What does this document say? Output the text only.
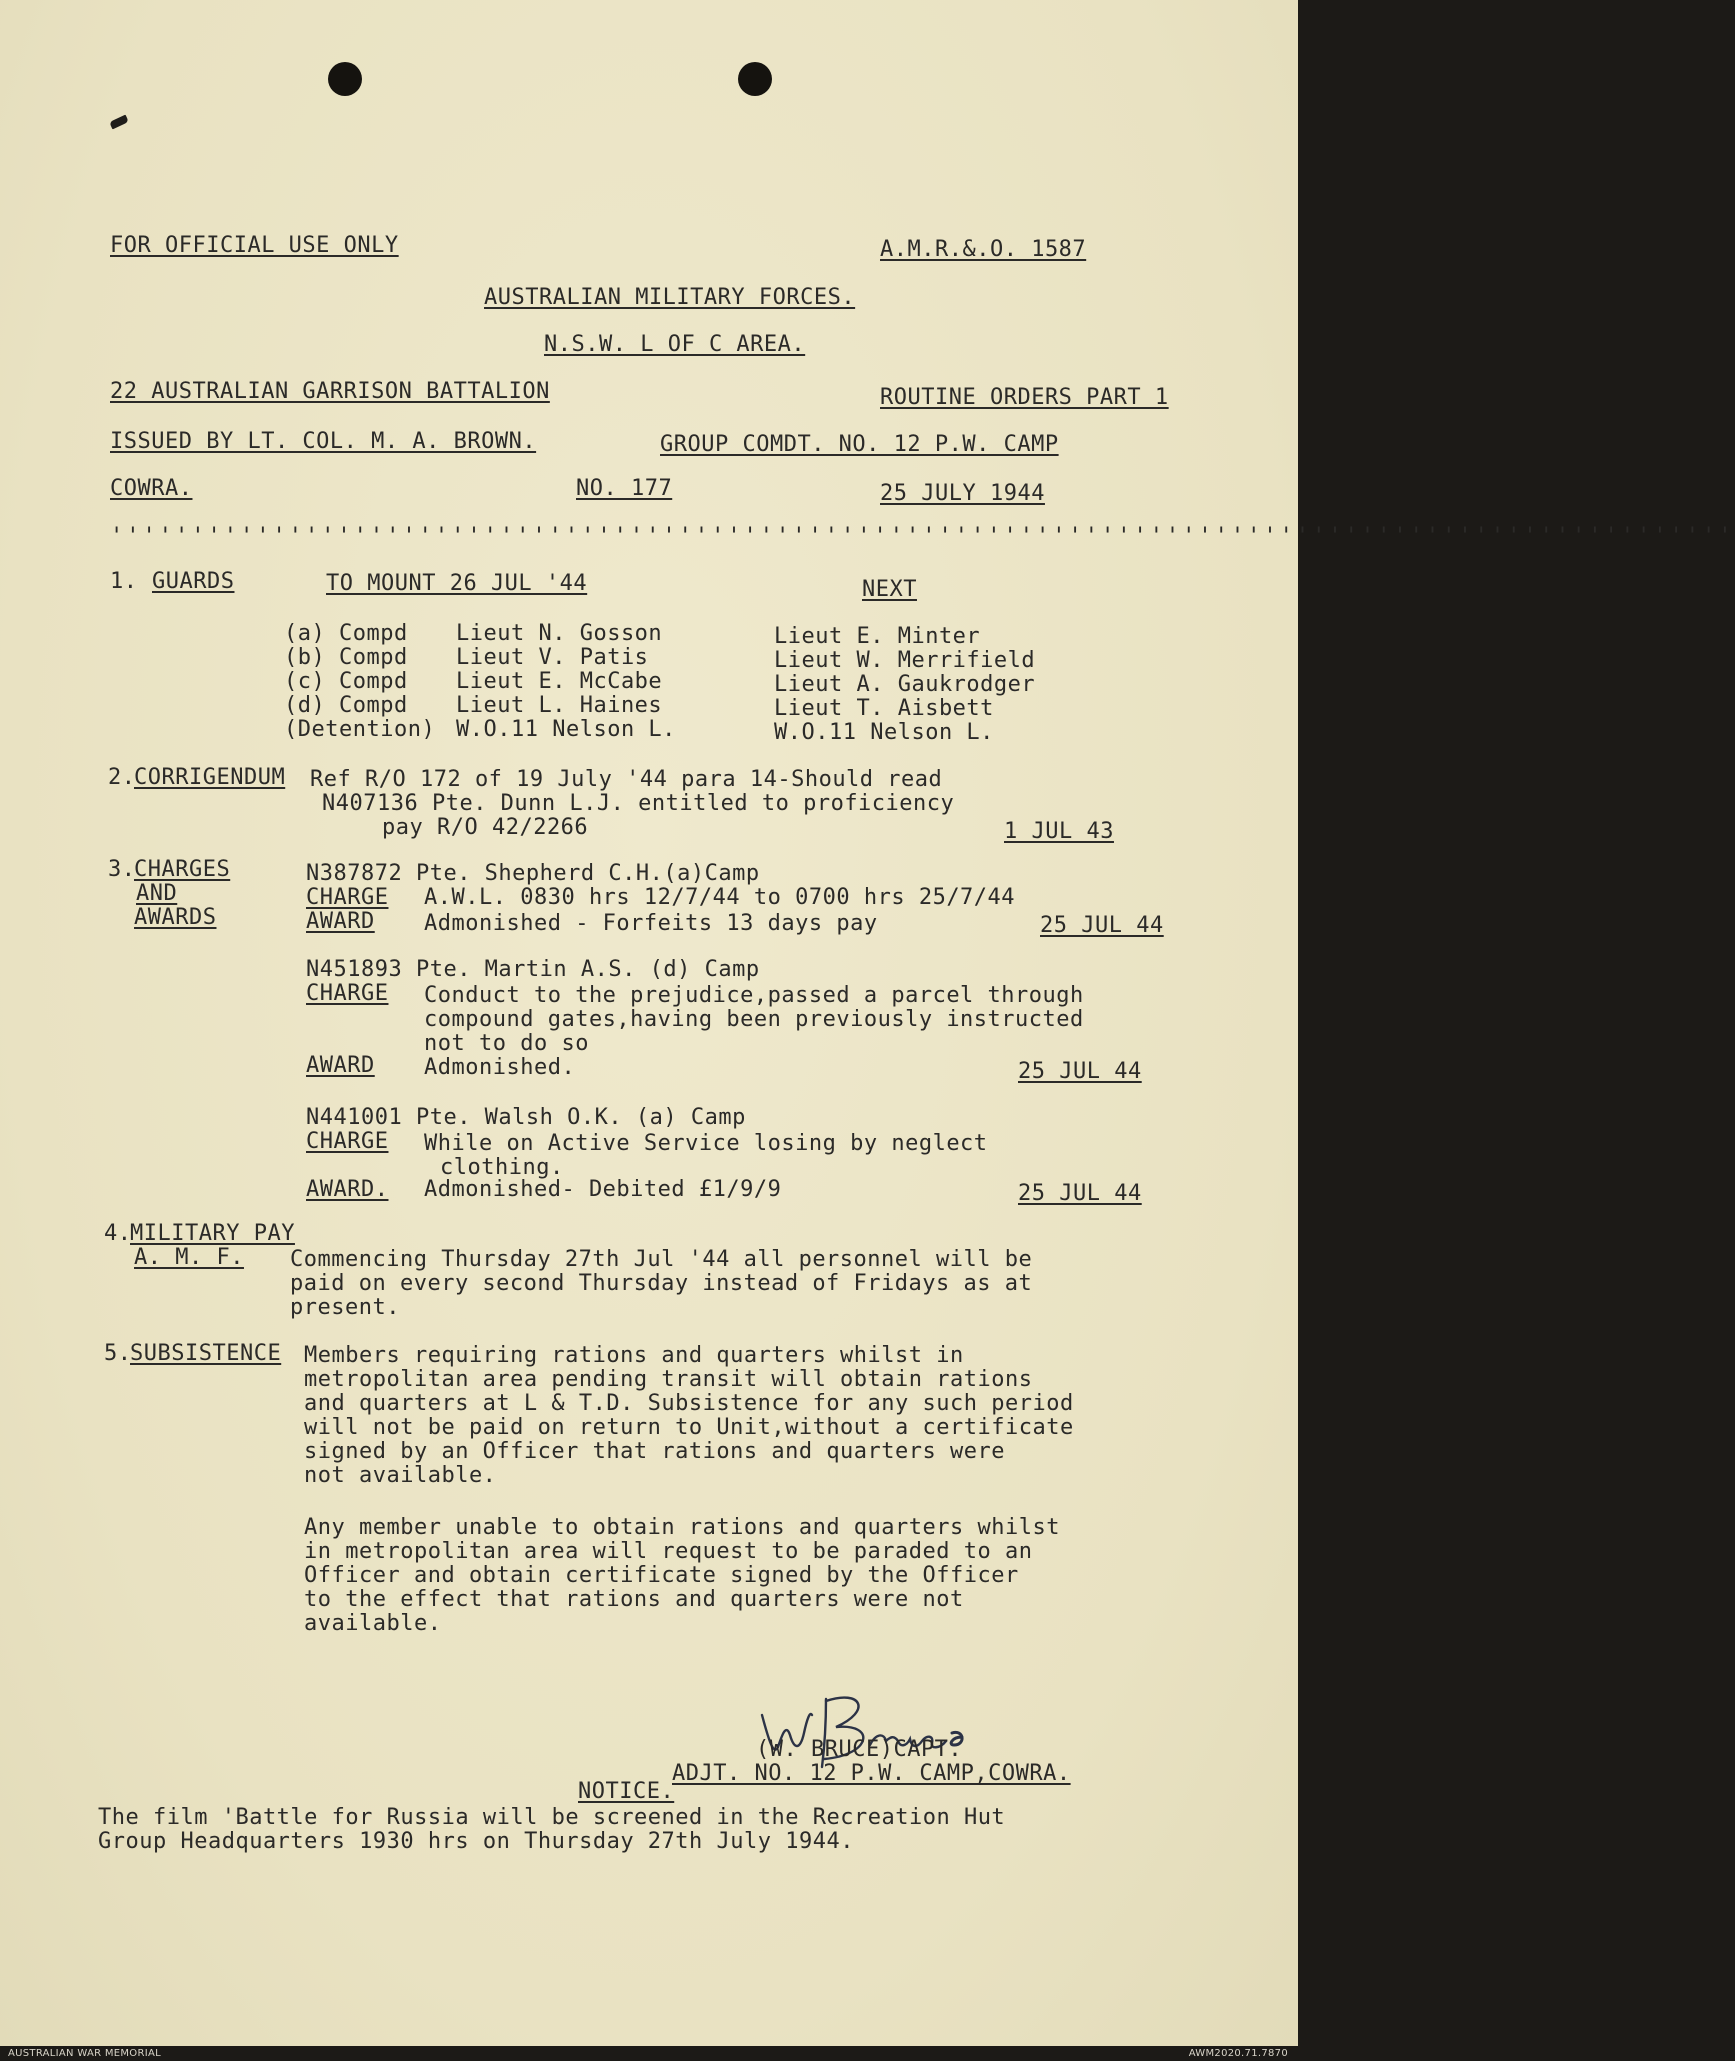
FOR OFFICIAL USE ONLY	A.M.R.&.O. 1587
AUSTRALIAN MILITARY FORCES.
N.S.W. L OF C AREA.
22 AUSTRALIAN GARRISON BATTALION	ROUTINE ORDERS PART 1
ISSUED BY LT. COL. M. A. BROWN.	GROUP COMDT. NO. 12 P.W. CAMP
COWRA.	NO. 177	25 JULY 1944
''''''''''''''''''''''''''''''''''''''''''''''''''''''''''''''''''''''''''''''''''''''''''''''''''''
1. GUARDS	TO MOUNT 26 JUL '44	NEXT
(a) Compd Lieut N. Gosson	Lieut E. Minter
(b) Compd Lieut V. Patis	Lieut W. Merrifield
(c) Compd Lieut E. McCabe	Lieut A. Gaukrodger
(d) Compd Lieut L. Haines	Lieut T. Aisbett
(Detention) W.O.11 Nelson L.	W.O.11 Nelson L.
2.
CORRIGENDUM Ref R/O 172 of 19 July '44 para 14-Should read
N407136 Pte. Dunn L.J. entitled to proficiency
pay R/O 42/2266	1 JUL 43
3.
CHARGES
AND
AWARDS
N387872 Pte. Shepherd C.H.(a)Camp
CHARGE A.W.L. 0830 hrs 12/7/44 to 0700 hrs 25/7/44
AWARD Admonished - Forfeits 13 days pay	25 JUL 44
N451893 Pte. Martin A.S. (d) Camp
CHARGE Conduct to the prejudice,passed a parcel through
compound gates,having been previously instructed
not to do so
AWARD Admonished.	25 JUL 44
N441001 Pte. Walsh O.K. (a) Camp
CHARGE While on Active Service losing by neglect
clothing.
AWARD. Admonished- Debited £1/9/9	25 JUL 44
4.
MILITARY PAY
A. M. F. Commencing Thursday 27th Jul '44 all personnel will be
paid on every second Thursday instead of Fridays as at
present.
5.
SUBSISTENCE Members requiring rations and quarters whilst in
metropolitan area pending transit will obtain rations
and quarters at L & T.D. Subsistence for any such period
will not be paid on return to Unit,without a certificate
signed by an Officer that rations and quarters were
not available.
Any member unable to obtain rations and quarters whilst
in metropolitan area will request to be paraded to an
Officer and obtain certificate signed by the Officer
to the effect that rations and quarters were not
available.
(W. BRUCE)CAPT.
ADJT. NO. 12 P.W. CAMP,COWRA.
NOTICE.
The film 'Battle for Russia will be screened in the Recreation Hut
Group Headquarters 1930 hrs on Thursday 27th July 1944.
AUSTRALIAN WAR MEMORIAL	AWM2020.71.7870
